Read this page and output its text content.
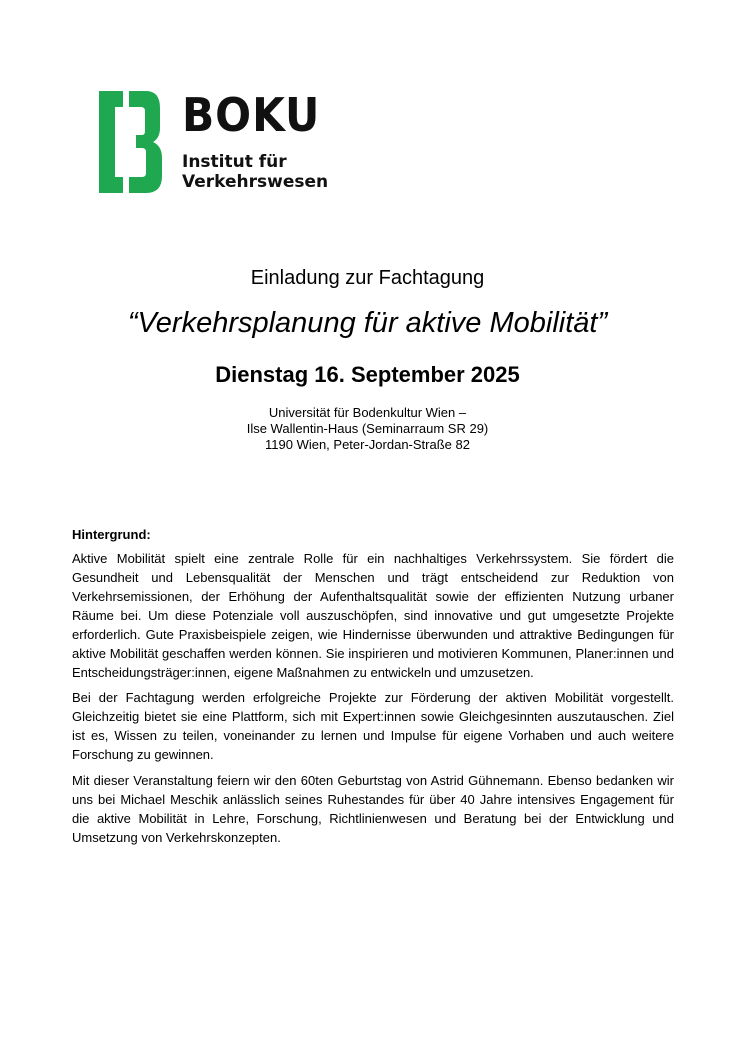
BOKU
Institut für
Verkehrswesen
Einladung zur Fachtagung
“Verkehrsplanung für aktive Mobilität”
Dienstag 16. September 2025
Universität für Bodenkultur Wien –
Ilse Wallentin-Haus (Seminarraum SR 29)
1190 Wien, Peter-Jordan-Straße 82
Hintergrund:

Aktive Mobilität spielt eine zentrale Rolle für ein nachhaltiges Verkehrssystem. Sie fördert die Gesundheit und Lebensqualität der Menschen und trägt entscheidend zur Reduktion von Verkehrsemissionen, der Erhöhung der Aufenthaltsqualität sowie der effizienten Nutzung urbaner Räume bei. Um diese Potenziale voll auszuschöpfen, sind innovative und gut umgesetzte Projekte erforderlich. Gute Praxisbeispiele zeigen, wie Hindernisse überwunden und attraktive Bedingungen für aktive Mobilität geschaffen werden können. Sie inspirieren und motivieren Kommunen, Planer:innen und Entscheidungsträger:innen, eigene Maßnahmen zu entwickeln und umzusetzen.

Bei der Fachtagung werden erfolgreiche Projekte zur Förderung der aktiven Mobilität vorgestellt. Gleichzeitig bietet sie eine Plattform, sich mit Expert:innen sowie Gleichgesinnten auszutauschen. Ziel ist es, Wissen zu teilen, voneinander zu lernen und Impulse für eigene Vorhaben und auch weitere Forschung zu gewinnen.

Mit dieser Veranstaltung feiern wir den 60ten Geburtstag von Astrid Gühnemann. Ebenso bedanken wir uns bei Michael Meschik anlässlich seines Ruhestandes für über 40 Jahre intensives Engagement für die aktive Mobilität in Lehre, Forschung, Richtlinienwesen und Beratung bei der Entwicklung und Umsetzung von Verkehrskonzepten.
